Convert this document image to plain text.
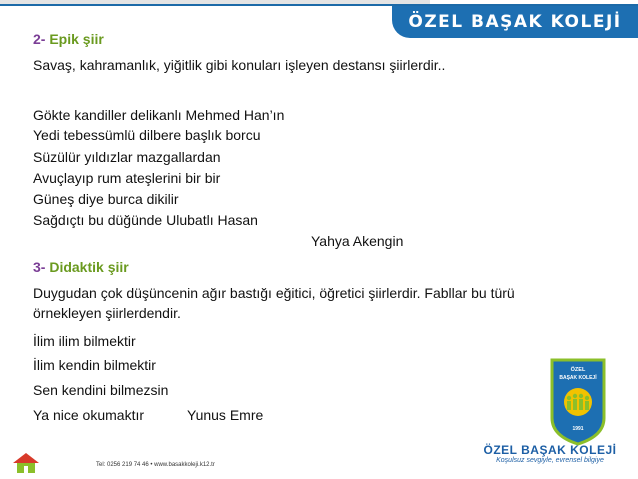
ÖZEL BAŞAK KOLEJİ
2- Epik şiir
Savaş, kahramanlık, yiğitlik gibi konuları işleyen destansı şiirlerdir..
Gökte kandiller delikanlı Mehmed Han’ın
Yedi tebessümlü dilbere başlık borcu
Süzülür yıldızlar mazgallardan
Avuçlayıp rum ateşlerini bir bir
Güneş diye burca dikilir
Sağdıçtı bu düğünde Ulubatlı Hasan
Yahya Akengin
3- Didaktik şiir
Duygudan çok düşüncenin ağır bastığı eğitici, öğretici şiirlerdir. Fabllar bu türü
örnekleyen şiirlerdendir.
İlim ilim bilmektir
İlim kendin bilmektir
Sen kendini bilmezsin
Ya nice okumaktır	Yunus Emre
ÖZEL
BAŞAK KOLEJİ
1991
ÖZEL BAŞAK KOLEJİ
Koşulsuz sevgiyle, evrensel bilgiye
Tel: 0256 219 74 46 • www.basakkoleji.k12.tr
